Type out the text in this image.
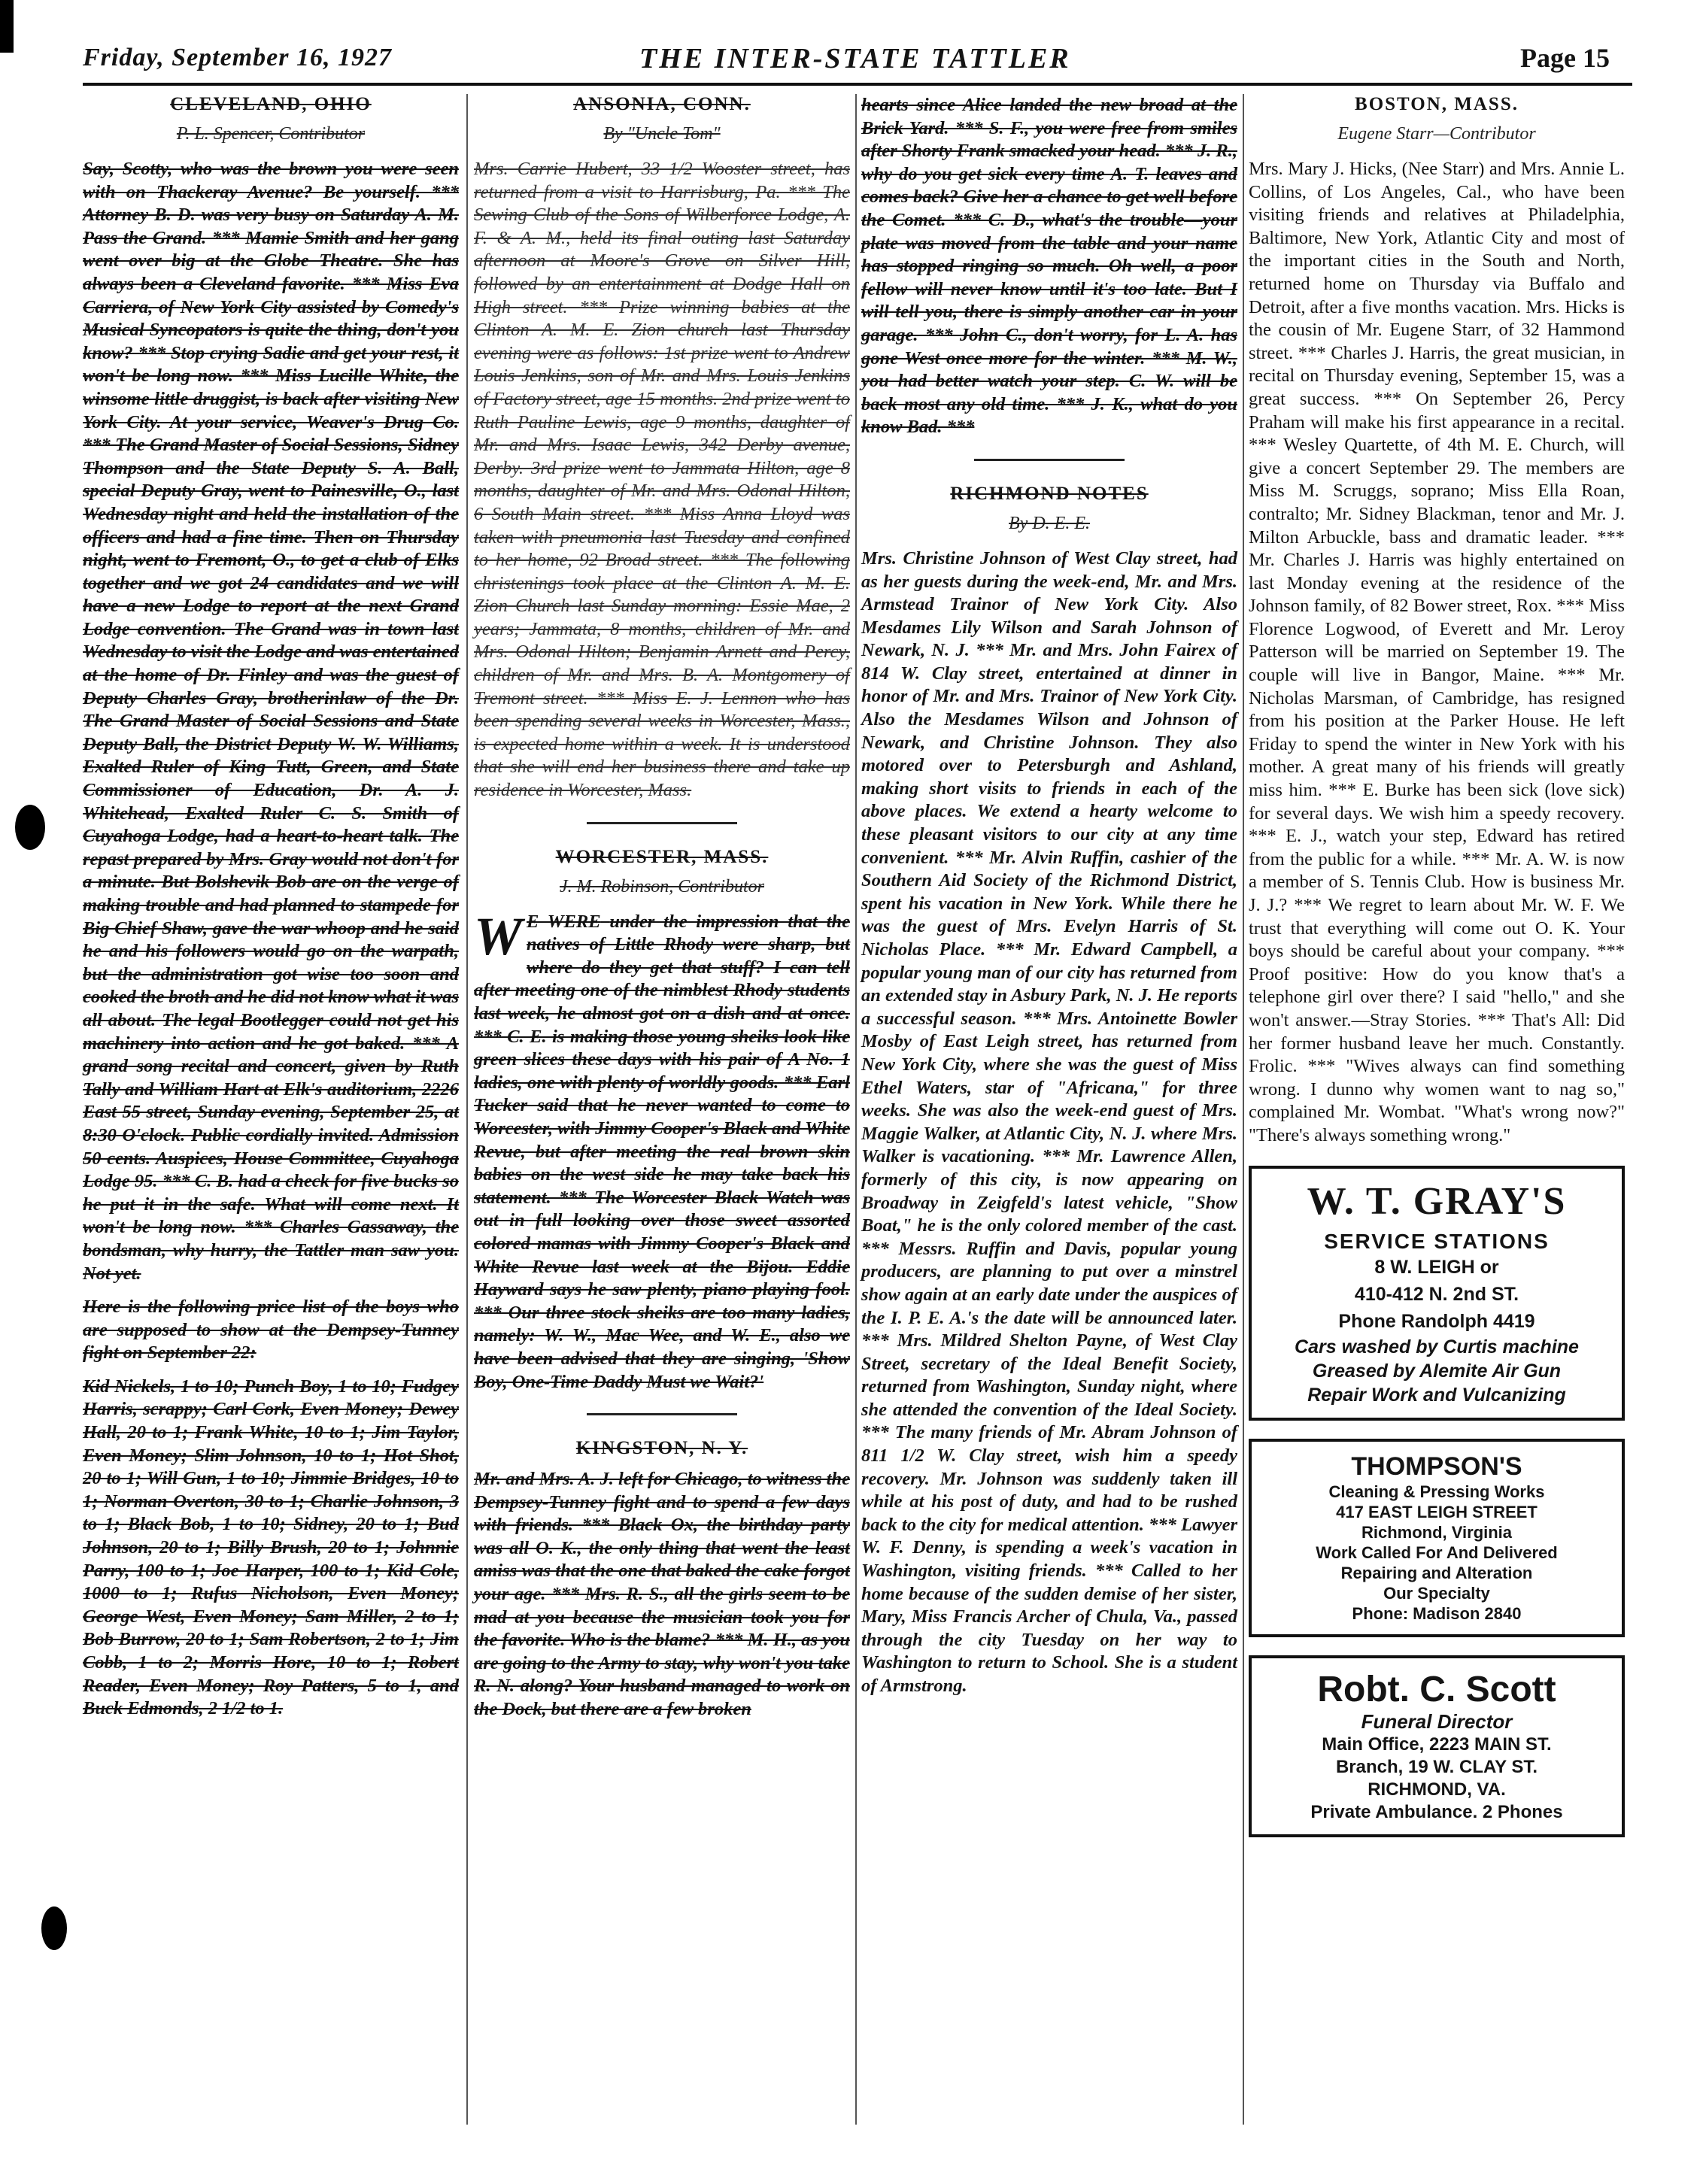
Friday, September 16, 1927	THE INTER-STATE TATTLER	Page 15
CLEVELAND, OHIO
P. L. Spencer, Contributor

Say, Scotty, who was the brown you were seen with on Thackeray Avenue? Be yourself. *** Attorney B. D. was very busy on Saturday A. M. Pass the Grand. *** Mamie Smith and her gang went over big at the Globe Theatre. She has always been a Cleveland favorite. *** Miss Eva Carriera, of New York City assisted by Comedy's Musical Syncopators is quite the thing, don't you know? *** Stop crying Sadie and get your rest, it won't be long now. *** Miss Lucille White, the winsome little druggist, is back after visiting New York City. At your service, Weaver's Drug Co. *** The Grand Master of Social Sessions, Sidney Thompson and the State Deputy S. A. Ball, special Deputy Gray, went to Painesville, O., last Wednesday night and held the installation of the officers and had a fine time. Then on Thursday night, went to Fremont, O., to get a club of Elks together and we got 24 candidates and we will have a new Lodge to report at the next Grand Lodge convention. The Grand was in town last Wednesday to visit the Lodge and was entertained at the home of Dr. Finley and was the guest of Deputy Charles Gray, brotherinlaw of the Dr. The Grand Master of Social Sessions and State Deputy Ball, the District Deputy W. W. Williams, Exalted Ruler of King Tutt, Green, and State Commissioner of Education, Dr. A. J. Whitehead, Exalted Ruler C. S. Smith of Cuyahoga Lodge, had a heart-to-heart talk. The repast prepared by Mrs. Gray would not don't for a minute. But Bolshevik Bob are on the verge of making trouble and had planned to stampede for Big Chief Shaw, gave the war whoop and he said he and his followers would go on the warpath, but the administration got wise too soon and cooked the broth and he did not know what it was all about. The legal Bootlegger could not get his machinery into action and he got baked. *** A grand song recital and concert, given by Ruth Tally and William Hart at Elk's auditorium, 2226 East 55 street, Sunday evening, September 25, at 8:30 O'clock. Public cordially invited. Admission 50 cents. Auspices, House Committee, Cuyahoga Lodge 95. *** C. B. had a check for five bucks so he put it in the safe. What will come next. It won't be long now. *** Charles Gassaway, the bondsman, why hurry, the Tattler man saw you. Not yet.

Here is the following price list of the boys who are supposed to show at the Dempsey-Tunney fight on September 22:

Kid Nickels, 1 to 10; Punch Boy, 1 to 10; Fudgey Harris, scrappy; Carl Cork, Even Money; Dewey Hall, 20 to 1; Frank White, 10 to 1; Jim Taylor, Even Money; Slim Johnson, 10 to 1; Hot Shot, 20 to 1; Will Gun, 1 to 10; Jimmie Bridges, 10 to 1; Norman Overton, 30 to 1; Charlie Johnson, 3 to 1; Black Bob, 1 to 10; Sidney, 20 to 1; Bud Johnson, 20 to 1; Billy Brush, 20 to 1; Johnnie Parry, 100 to 1; Joe Harper, 100 to 1; Kid Cole, 1000 to 1; Rufus Nicholson, Even Money; George West, Even Money; Sam Miller, 2 to 1; Bob Burrow, 20 to 1; Sam Robertson, 2 to 1; Jim Cobb, 1 to 2; Morris Hore, 10 to 1; Robert Reader, Even Money; Roy Patters, 5 to 1, and Buck Edmonds, 2 1/2 to 1.

ANSONIA, CONN.
By "Uncle Tom"

Mrs. Carrie Hubert, 33 1/2 Wooster street, has returned from a visit to Harrisburg, Pa. *** The Sewing Club of the Sons of Wilberforce Lodge, A. F. & A. M., held its final outing last Saturday afternoon at Moore's Grove on Silver Hill, followed by an entertainment at Dodge Hall on High street. *** Prize winning babies at the Clinton A. M. E. Zion church last Thursday evening were as follows: 1st prize went to Andrew Louis Jenkins, son of Mr. and Mrs. Louis Jenkins of Factory street, age 15 months. 2nd prize went to Ruth Pauline Lewis, age 9 months, daughter of Mr. and Mrs. Isaac Lewis, 342 Derby avenue, Derby. 3rd prize went to Jammata Hilton, age 8 months, daughter of Mr. and Mrs. Odonal Hilton, 6 South Main street. *** Miss Anna Lloyd was taken with pneumonia last Tuesday and confined to her home, 92 Broad street. *** The following christenings took place at the Clinton A. M. E. Zion Church last Sunday morning: Essie Mae, 2 years; Jammata, 8 months, children of Mr. and Mrs. Odonal Hilton; Benjamin Arnett and Percy, children of Mr. and Mrs. B. A. Montgomery of Tremont street. *** Miss E. J. Lennon who has been spending several weeks in Worcester, Mass., is expected home within a week. It is understood that she will end her business there and take up residence in Worcester, Mass.

WORCESTER, MASS.
J. M. Robinson, Contributor

W E WERE under the impression that the natives of Little Rhody were sharp, but where do they get that stuff? I can tell after meeting one of the nimblest Rhody students last week, he almost got on a dish and at once. *** C. E. is making those young sheiks look like green slices these days with his pair of A No. 1 ladies, one with plenty of worldly goods. *** Earl Tucker said that he never wanted to come to Worcester, with Jimmy Cooper's Black and White Revue, but after meeting the real brown skin babies on the west side he may take back his statement. *** The Worcester Black Watch was out in full looking over those sweet assorted colored mamas with Jimmy Cooper's Black and White Revue last week at the Bijou. Eddie Hayward says he saw plenty, piano playing fool. *** Our three stock sheiks are too many ladies, namely: W. W., Mac Wee, and W. E., also we have been advised that they are singing, 'Show Boy, One-Time Daddy Must we Wait?'

KINGSTON, N. Y.

Mr. and Mrs. A. J. left for Chicago, to witness the Dempsey-Tunney fight and to spend a few days with friends. *** Black Ox, the birthday party was all O. K., the only thing that went the least amiss was that the one that baked the cake forgot your age. *** Mrs. R. S., all the girls seem to be mad at you because the musician took you for the favorite. Who is the blame? *** M. H., as you are going to the Army to stay, why won't you take R. N. along? Your husband managed to work on the Dock, but there are a few broken

hearts since Alice landed the new broad at the Brick Yard. *** S. F., you were free from smiles after Shorty Frank smacked your head. *** J. R., why do you get sick every time A. T. leaves and comes back? Give her a chance to get well before the Comet. *** C. D., what's the trouble—your plate was moved from the table and your name has stopped ringing so much. Oh well, a poor fellow will never know until it's too late. But I will tell you, there is simply another car in your garage. *** John C., don't worry, for L. A. has gone West once more for the winter. *** M. W., you had better watch your step. C. W. will be back most any old time. *** J. K., what do you know Bad. ***

RICHMOND NOTES
By D. E. E.

Mrs. Christine Johnson of West Clay street, had as her guests during the week-end, Mr. and Mrs. Armstead Trainor of New York City. Also Mesdames Lily Wilson and Sarah Johnson of Newark, N. J. *** Mr. and Mrs. John Fairex of 814 W. Clay street, entertained at dinner in honor of Mr. and Mrs. Trainor of New York City. Also the Mesdames Wilson and Johnson of Newark, and Christine Johnson. They also motored over to Petersburgh and Ashland, making short visits to friends in each of the above places. We extend a hearty welcome to these pleasant visitors to our city at any time convenient. *** Mr. Alvin Ruffin, cashier of the Southern Aid Society of the Richmond District, spent his vacation in New York. While there he was the guest of Mrs. Evelyn Harris of St. Nicholas Place. *** Mr. Edward Campbell, a popular young man of our city has returned from an extended stay in Asbury Park, N. J. He reports a successful season. *** Mrs. Antoinette Bowler Mosby of East Leigh street, has returned from New York City, where she was the guest of Miss Ethel Waters, star of "Africana," for three weeks. She was also the week-end guest of Mrs. Maggie Walker, at Atlantic City, N. J. where Mrs. Walker is vacationing. *** Mr. Lawrence Allen, formerly of this city, is now appearing on Broadway in Zeigfeld's latest vehicle, "Show Boat," he is the only colored member of the cast. *** Messrs. Ruffin and Davis, popular young producers, are planning to put over a minstrel show again at an early date under the auspices of the I. P. E. A.'s the date will be announced later. *** Mrs. Mildred Shelton Payne, of West Clay Street, secretary of the Ideal Benefit Society, returned from Washington, Sunday night, where she attended the convention of the Ideal Society. *** The many friends of Mr. Abram Johnson of 811 1/2 W. Clay street, wish him a speedy recovery. Mr. Johnson was suddenly taken ill while at his post of duty, and had to be rushed back to the city for medical attention. *** Lawyer W. F. Denny, is spending a week's vacation in Washington, visiting friends. *** Called to her home because of the sudden demise of her sister, Mary, Miss Francis Archer of Chula, Va., passed through the city Tuesday on her way to Washington to return to School. She is a student of Armstrong.

BOSTON, MASS.
Eugene Starr—Contributor

Mrs. Mary J. Hicks, (Nee Starr) and Mrs. Annie L. Collins, of Los Angeles, Cal., who have been visiting friends and relatives at Philadelphia, Baltimore, New York, Atlantic City and most of the important cities in the South and North, returned home on Thursday via Buffalo and Detroit, after a five months vacation. Mrs. Hicks is the cousin of Mr. Eugene Starr, of 32 Hammond street. *** Charles J. Harris, the great musician, in recital on Thursday evening, September 15, was a great success. *** On September 26, Percy Praham will make his first appearance in a recital. *** Wesley Quartette, of 4th M. E. Church, will give a concert September 29. The members are Miss M. Scruggs, soprano; Miss Ella Roan, contralto; Mr. Sidney Blackman, tenor and Mr. J. Milton Arbuckle, bass and dramatic leader. *** Mr. Charles J. Harris was highly entertained on last Monday evening at the residence of the Johnson family, of 82 Bower street, Rox. *** Miss Florence Logwood, of Everett and Mr. Leroy Patterson will be married on September 19. The couple will live in Bangor, Maine. *** Mr. Nicholas Marsman, of Cambridge, has resigned from his position at the Parker House. He left Friday to spend the winter in New York with his mother. A great many of his friends will greatly miss him. *** E. Burke has been sick (love sick) for several days. We wish him a speedy recovery. *** E. J., watch your step, Edward has retired from the public for a while. *** Mr. A. W. is now a member of S. Tennis Club. How is business Mr. J. J.? *** We regret to learn about Mr. W. F. We trust that everything will come out O. K. Your boys should be careful about your company. *** Proof positive: How do you know that's a telephone girl over there? I said "hello," and she won't answer.—Stray Stories. *** That's All: Did her former husband leave her much. Constantly. Frolic. *** "Wives always can find something wrong. I dunno why women want to nag so," complained Mr. Wombat. "What's wrong now?" "There's always something wrong."

W. T. GRAY'S
SERVICE STATIONS
8 W. LEIGH or
410-412 N. 2nd ST.
Phone Randolph 4419
Cars washed by Curtis machine
Greased by Alemite Air Gun
Repair Work and Vulcanizing
THOMPSON'S
Cleaning & Pressing Works
417 EAST LEIGH STREET
Richmond, Virginia
Work Called For And Delivered
Repairing and Alteration
Our Specialty
Phone: Madison 2840
Robt. C. Scott
Funeral Director
Main Office, 2223 MAIN ST.
Branch, 19 W. CLAY ST.
RICHMOND, VA.
Private Ambulance. 2 Phones
